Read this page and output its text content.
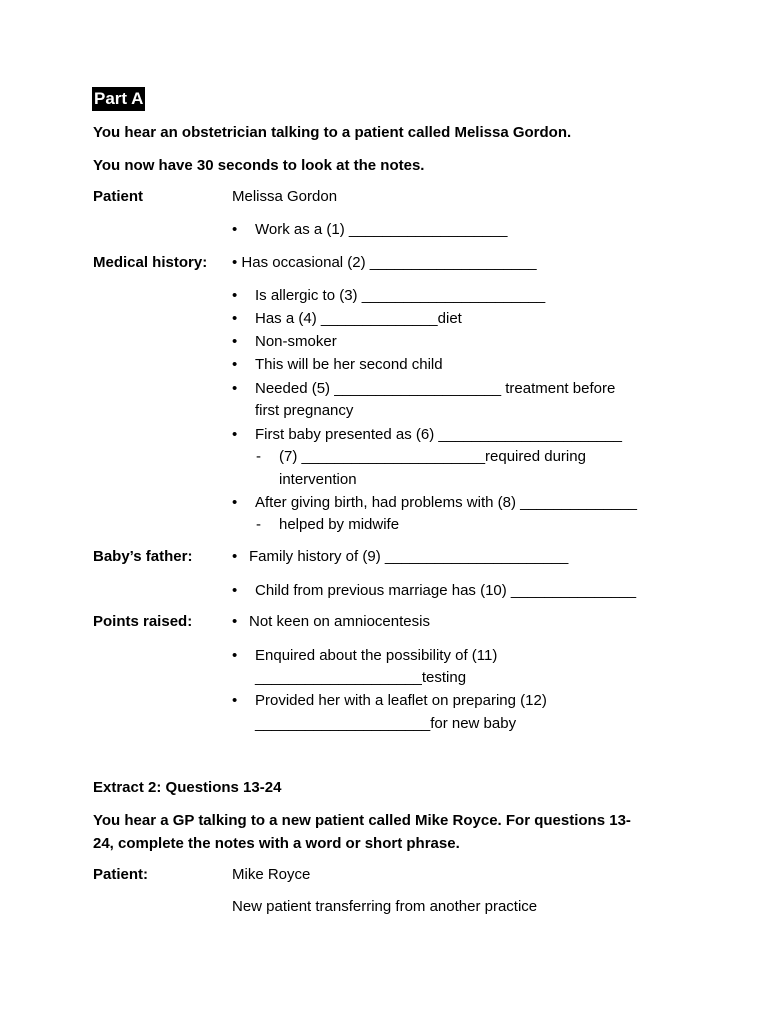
Part A
You hear an obstetrician talking to a patient called Melissa Gordon.
You now have 30 seconds to look at the notes.
Patient	Melissa Gordon
• Work as a (1) ___________________
Medical history: • Has occasional (2) ____________________
• Is allergic to (3) ______________________
• Has a (4) ______________diet
• Non-smoker
• This will be her second child
• Needed (5) ____________________ treatment before
first pregnancy
• First baby presented as (6) ______________________
- (7) ______________________required during
intervention
• After giving birth, had problems with (8) ______________
- helped by midwife
Baby’s father:	• Family history of (9) ______________________
• Child from previous marriage has (10) _______________
Points raised:	• Not keen on amniocentesis
• Enquired about the possibility of (11)
____________________testing
• Provided her with a leaflet on preparing (12)
_____________________for new baby
Extract 2: Questions 13-24
You hear a GP talking to a new patient called Mike Royce. For questions 13-
24, complete the notes with a word or short phrase.
Patient:	Mike Royce
New patient transferring from another practice
